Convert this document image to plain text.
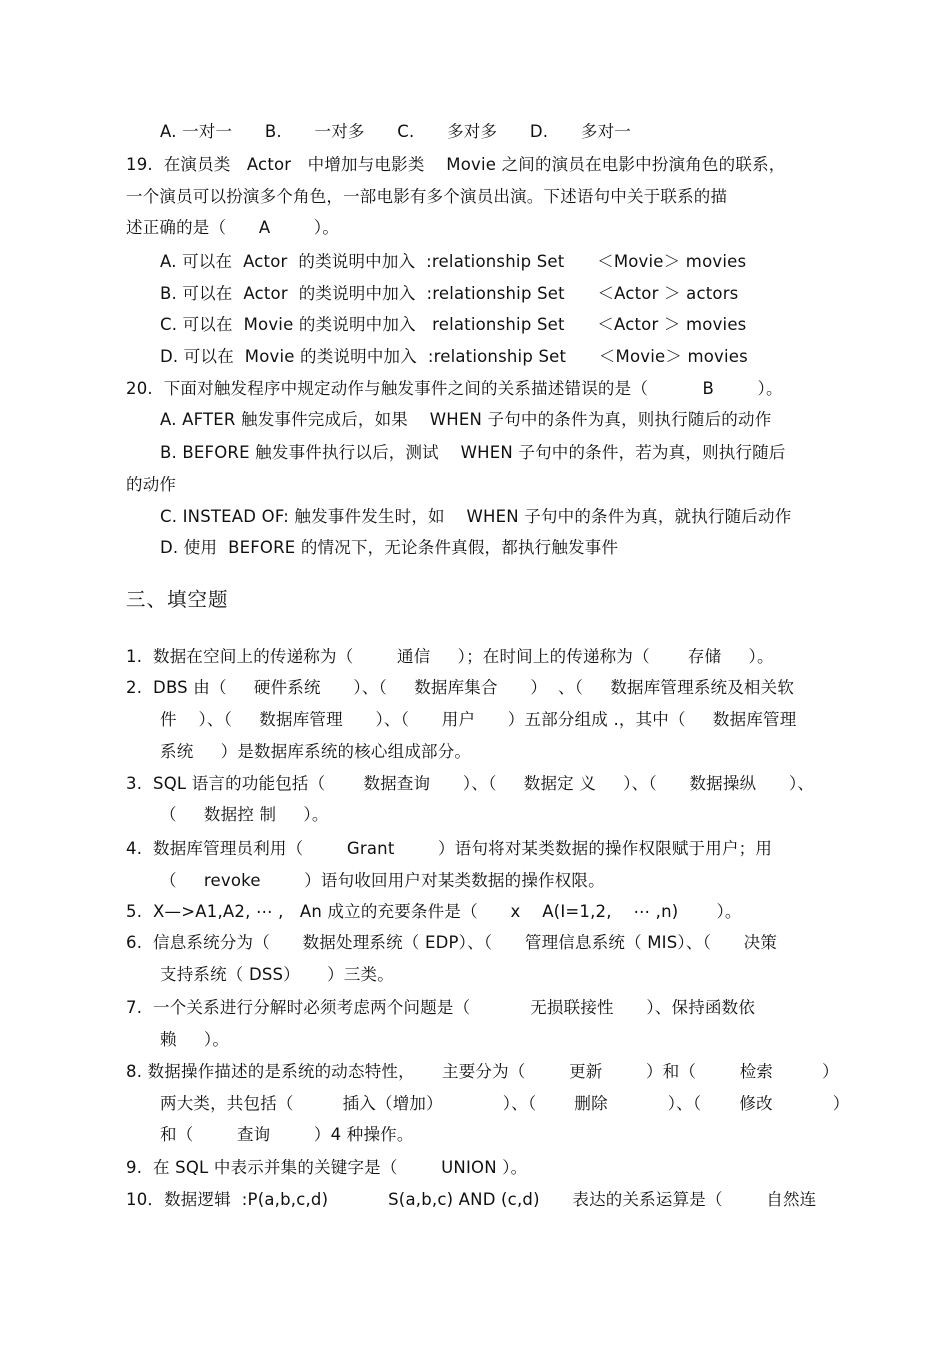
A. 一对一      B.      一对多      C.      多对多      D.      多对一
19.  在演员类   Actor   中增加与电影类    Movie 之间的演员在电影中扮演角色的联系，
一个演员可以扮演多个角色，一部电影有多个演员出演。下述语句中关于联系的描
述正确的是（      A        ）。
A. 可以在  Actor  的类说明中加入  :relationship Set      ＜Movie＞ movies
B. 可以在  Actor  的类说明中加入  :relationship Set      ＜Actor ＞ actors
C. 可以在  Movie 的类说明中加入   relationship Set      ＜Actor ＞ movies
D. 可以在  Movie 的类说明中加入  :relationship Set      ＜Movie＞ movies
20.  下面对触发程序中规定动作与触发事件之间的关系描述错误的是（          B        ）。
A. AFTER 触发事件完成后，如果    WHEN 子句中的条件为真，则执行随后的动作
B. BEFORE 触发事件执行以后，测试    WHEN 子句中的条件，若为真，则执行随后
的动作
C. INSTEAD OF: 触发事件发生时，如    WHEN 子句中的条件为真，就执行随后动作
D. 使用  BEFORE 的情况下，无论条件真假，都执行触发事件
三、填空题
1.  数据在空间上的传递称为（        通信     ）；在时间上的传递称为（       存储     ）。
2.  DBS 由（     硬件系统      ）、（     数据库集合      ）  、（     数据库管理系统及相关软
件    ）、（     数据库管理      ）、（      用户      ）五部分组成 .，其中（     数据库管理
系统     ）是数据库系统的核心组成部分。
3.  SQL 语言的功能包括（       数据查询      ）、（     数据定 义     ）、（      数据操纵      ）、
（     数据控 制     ）。
4.  数据库管理员利用（        Grant        ）语句将对某类数据的操作权限赋于用户；用
（     revoke        ）语句收回用户对某类数据的操作权限。
5.  X—>A1,A2, ⋯ ,   An 成立的充要条件是（      x    A(I=1,2,    ⋯ ,n)       ）。
6.  信息系统分为（      数据处理系统（ EDP）、（      管理信息系统（ MIS）、（      决策
支持系统（ DSS）     ）三类。
7.  一个关系进行分解时必须考虑两个问题是（           无损联接性      ）、保持函数依
赖     ）。
8. 数据操作描述的是系统的动态特性，     主要分为（        更新        ）和（        检索         ）
两大类，共包括（         插入（增加）           ）、（       删除           ）、（       修改           ）
和（        查询        ）4 种操作。
9.  在 SQL 中表示并集的关键字是（        UNION ）。
10．数据逻辑  :P(a,b,c,d)           S(a,b,c) AND (c,d)      表达的关系运算是（        自然连
